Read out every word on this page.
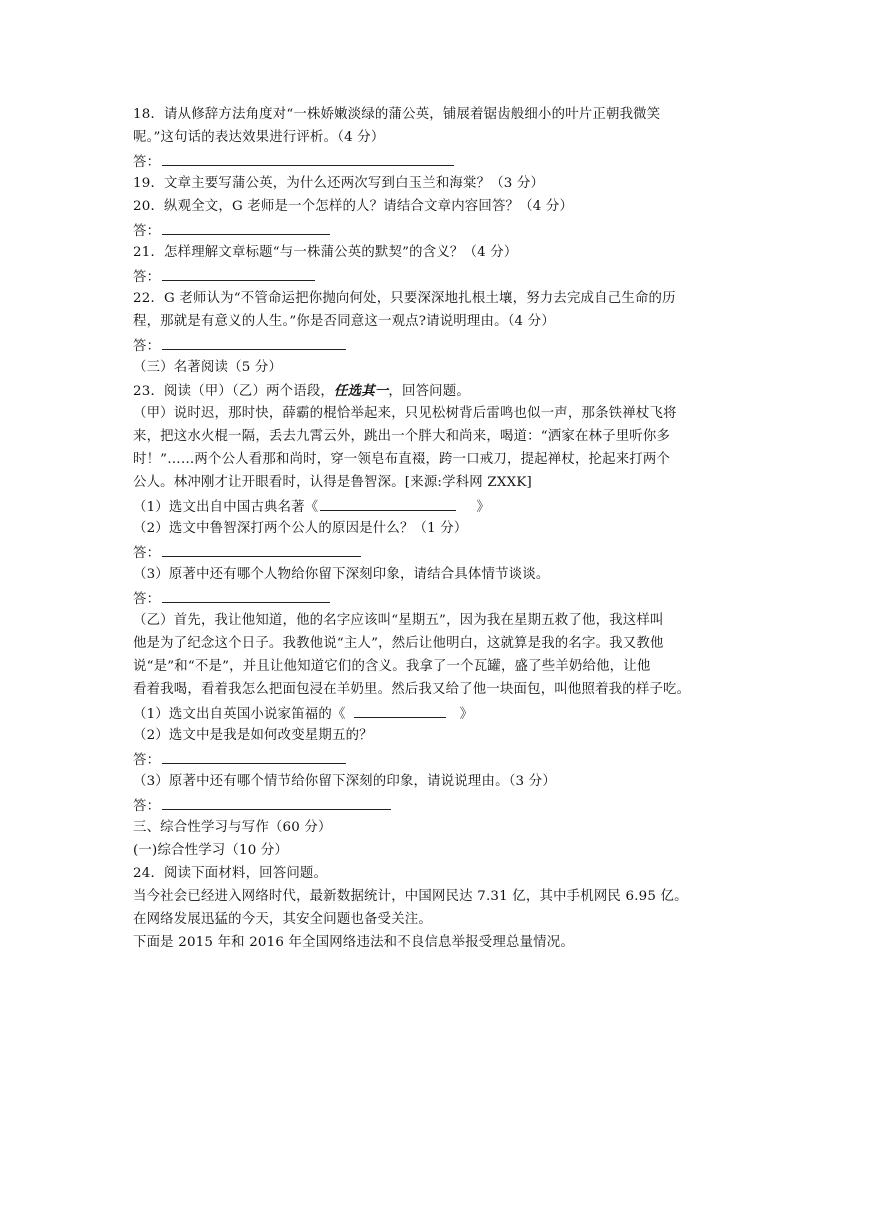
18．请从修辞方法角度对“一株娇嫩淡绿的蒲公英，铺展着锯齿般细小的叶片正朝我微笑
呢。”这句话的表达效果进行评析。（4 分）
答：
19．文章主要写蒲公英，为什么还两次写到白玉兰和海棠？（3 分）
20．纵观全文，G 老师是一个怎样的人？请结合文章内容回答？（4 分）
答：
21．怎样理解文章标题“与一株蒲公英的默契”的含义？（4 分）
答：
22．G 老师认为“不管命运把你抛向何处，只要深深地扎根土壤，努力去完成自己生命的历
程，那就是有意义的人生。”你是否同意这一观点?请说明理由。（4 分）
答：
（三）名著阅读（5 分）
23．阅读（甲）（乙）两个语段，任选其一，回答问题。
（甲）说时迟，那时快，薛霸的棍恰举起来，只见松树背后雷鸣也似一声，那条铁禅杖飞将
来，把这水火棍一隔，丢去九霄云外，跳出一个胖大和尚来，喝道：“洒家在林子里听你多
时！”……两个公人看那和尚时，穿一领皂布直裰，跨一口戒刀，提起禅杖，抡起来打两个
公人。林冲刚才让开眼看时，认得是鲁智深。[来源:学科网 ZXXK]
（1）选文出自中国古典名著《	》
（2）选文中鲁智深打两个公人的原因是什么？（1 分）
答：
（3）原著中还有哪个人物给你留下深刻印象，请结合具体情节谈谈。
答：
（乙）首先，我让他知道，他的名字应该叫“星期五”，因为我在星期五救了他，我这样叫
他是为了纪念这个日子。我教他说“主人”，然后让他明白，这就算是我的名字。我又教他
说“是”和“不是”，并且让他知道它们的含义。我拿了一个瓦罐，盛了些羊奶给他，让他
看着我喝，看着我怎么把面包浸在羊奶里。然后我又给了他一块面包，叫他照着我的样子吃。
（1）选文出自英国小说家笛福的《	》
（2）选文中是我是如何改变星期五的？
答：
（3）原著中还有哪个情节给你留下深刻的印象，请说说理由。（3 分）
答：
三、综合性学习与写作（60 分）
(一)综合性学习（10 分）
24．阅读下面材料，回答问题。
当今社会已经进入网络时代，最新数据统计，中国网民达 7.31 亿，其中手机网民 6.95 亿。
在网络发展迅猛的今天，其安全问题也备受关注。
下面是 2015 年和 2016 年全国网络违法和不良信息举报受理总量情况。
